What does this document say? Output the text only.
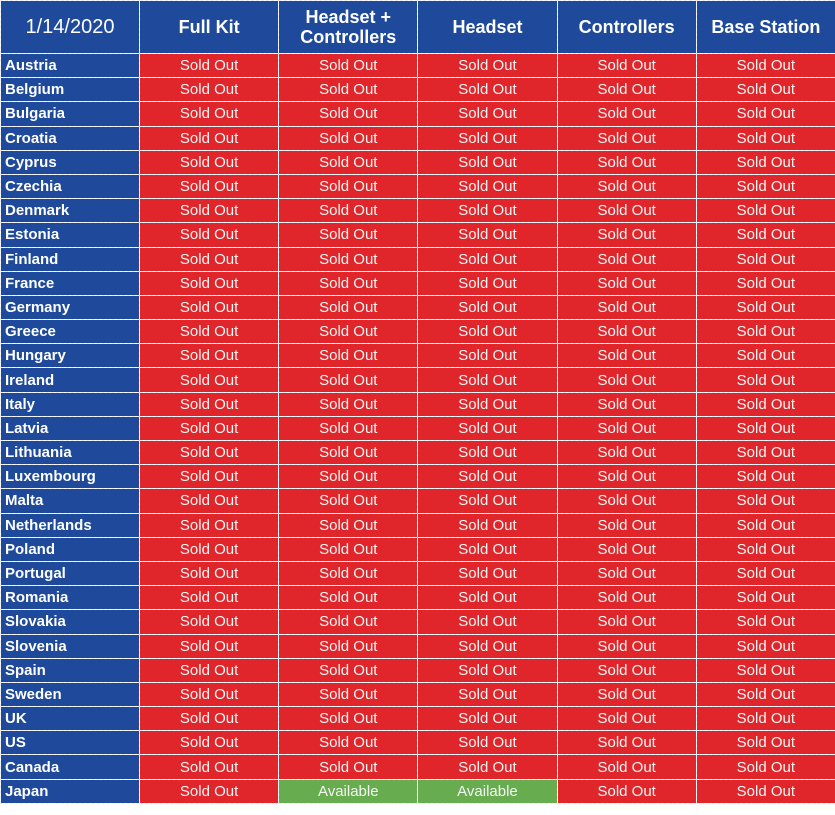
1/14/2020	Full Kit	Headset + Controllers	Headset	Controllers	Base Station
Austria	Sold Out	Sold Out	Sold Out	Sold Out	Sold Out
Belgium	Sold Out	Sold Out	Sold Out	Sold Out	Sold Out
Bulgaria	Sold Out	Sold Out	Sold Out	Sold Out	Sold Out
Croatia	Sold Out	Sold Out	Sold Out	Sold Out	Sold Out
Cyprus	Sold Out	Sold Out	Sold Out	Sold Out	Sold Out
Czechia	Sold Out	Sold Out	Sold Out	Sold Out	Sold Out
Denmark	Sold Out	Sold Out	Sold Out	Sold Out	Sold Out
Estonia	Sold Out	Sold Out	Sold Out	Sold Out	Sold Out
Finland	Sold Out	Sold Out	Sold Out	Sold Out	Sold Out
France	Sold Out	Sold Out	Sold Out	Sold Out	Sold Out
Germany	Sold Out	Sold Out	Sold Out	Sold Out	Sold Out
Greece	Sold Out	Sold Out	Sold Out	Sold Out	Sold Out
Hungary	Sold Out	Sold Out	Sold Out	Sold Out	Sold Out
Ireland	Sold Out	Sold Out	Sold Out	Sold Out	Sold Out
Italy	Sold Out	Sold Out	Sold Out	Sold Out	Sold Out
Latvia	Sold Out	Sold Out	Sold Out	Sold Out	Sold Out
Lithuania	Sold Out	Sold Out	Sold Out	Sold Out	Sold Out
Luxembourg	Sold Out	Sold Out	Sold Out	Sold Out	Sold Out
Malta	Sold Out	Sold Out	Sold Out	Sold Out	Sold Out
Netherlands	Sold Out	Sold Out	Sold Out	Sold Out	Sold Out
Poland	Sold Out	Sold Out	Sold Out	Sold Out	Sold Out
Portugal	Sold Out	Sold Out	Sold Out	Sold Out	Sold Out
Romania	Sold Out	Sold Out	Sold Out	Sold Out	Sold Out
Slovakia	Sold Out	Sold Out	Sold Out	Sold Out	Sold Out
Slovenia	Sold Out	Sold Out	Sold Out	Sold Out	Sold Out
Spain	Sold Out	Sold Out	Sold Out	Sold Out	Sold Out
Sweden	Sold Out	Sold Out	Sold Out	Sold Out	Sold Out
UK	Sold Out	Sold Out	Sold Out	Sold Out	Sold Out
US	Sold Out	Sold Out	Sold Out	Sold Out	Sold Out
Canada	Sold Out	Sold Out	Sold Out	Sold Out	Sold Out
Japan	Sold Out	Available	Available	Sold Out	Sold Out
